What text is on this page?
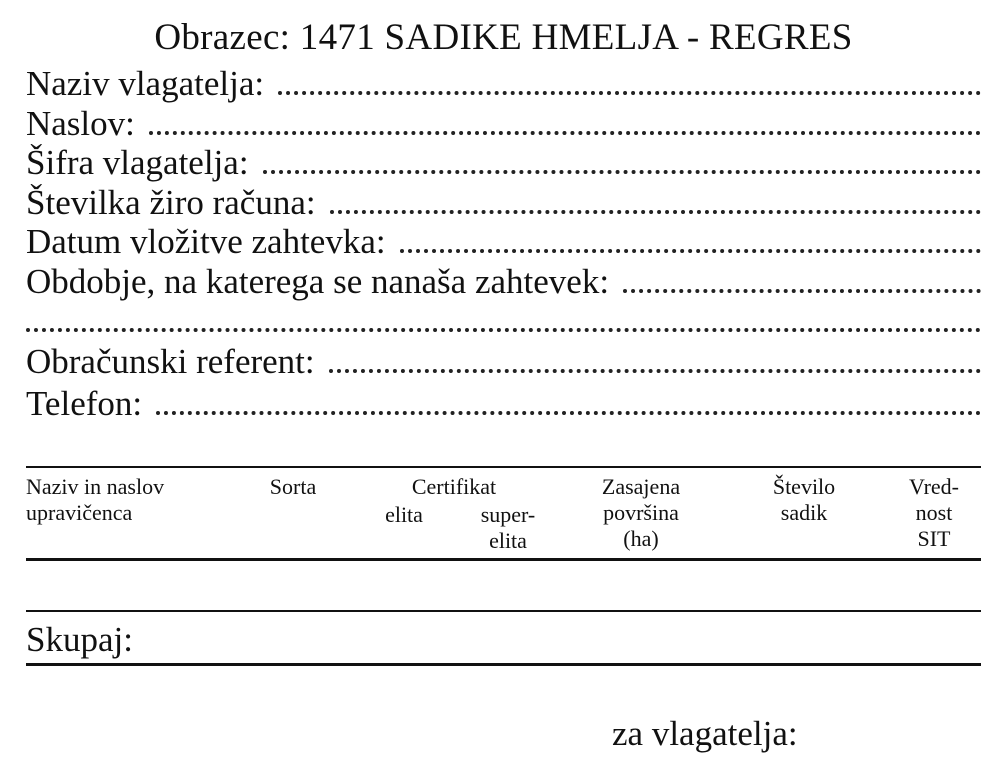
Obrazec: 1471 SADIKE HMELJA - REGRES
Naziv vlagatelja:
Naslov:
Šifra vlagatelja:
Številka žiro računa:
Datum vložitve zahtevka:
Obdobje, na katerega se nanaša zahtevek:
Obračunski referent:
Telefon:
Naziv in naslov
upravičenca
Sorta	Certifikat
elita	super-
elita
Zasajena
površina
(ha)
Število
sadik
Vred-
nost
SIT
Skupaj:
za vlagatelja:
